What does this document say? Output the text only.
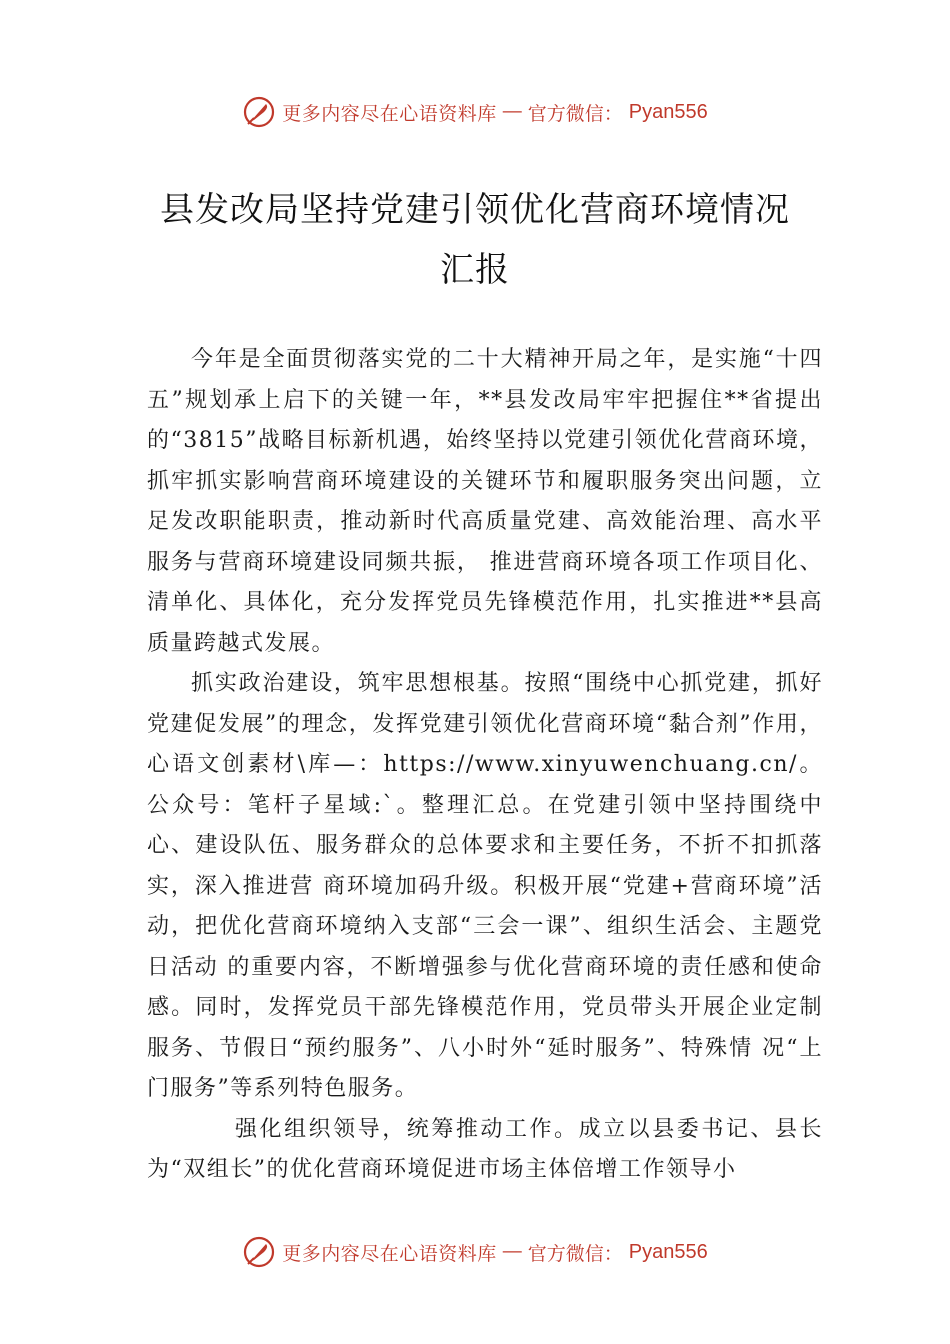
更多内容尽在心语资料库 — 官方微信： Pyan556
县发改局坚持党建引领优化营商环境情况
汇报

今年是全面贯彻落实党的二十大精神开局之年，是实施“十四五”规划承上启下的关键一年，**县发改局牢牢把握住**省提出的“3815”战略目标新机遇，始终坚持以党建引领优化营商环境，抓牢抓实影响营商环境建设的关键环节和履职服务突出问题，立足发改职能职责，推动新时代高质量党建、高效能治理、高水平服务与营商环境建设同频共振， 推进营商环境各项工作项目化、清单化、具体化，充分发挥党员先锋模范作用，扎实推进**县高质量跨越式发展。

抓实政治建设，筑牢思想根基。按照“围绕中心抓党建，抓好党建促发展”的理念，发挥党建引领优化营商环境“黏合剂”作用，心语文创素材\库—：https://www.xinyuwenchuang.cn/。公众号：笔杆子星域:`。整理汇总。在党建引领中坚持围绕中心、建设队伍、服务群众的总体要求和主要任务，不折不扣抓落实，深入推进营 商环境加码升级。积极开展“党建+营商环境”活动，把优化营商环境纳入支部“三会一课”、组织生活会、主题党日活动 的重要内容，不断增强参与优化营商环境的责任感和使命感。同时，发挥党员干部先锋模范作用，党员带头开展企业定制 服务、节假日“预约服务”、八小时外“延时服务”、特殊情 况“上门服务”等系列特色服务。

强化组织领导，统筹推动工作。成立以县委书记、县长为“双组长”的优化营商环境促进市场主体倍增工作领导小

更多内容尽在心语资料库 — 官方微信： Pyan556
